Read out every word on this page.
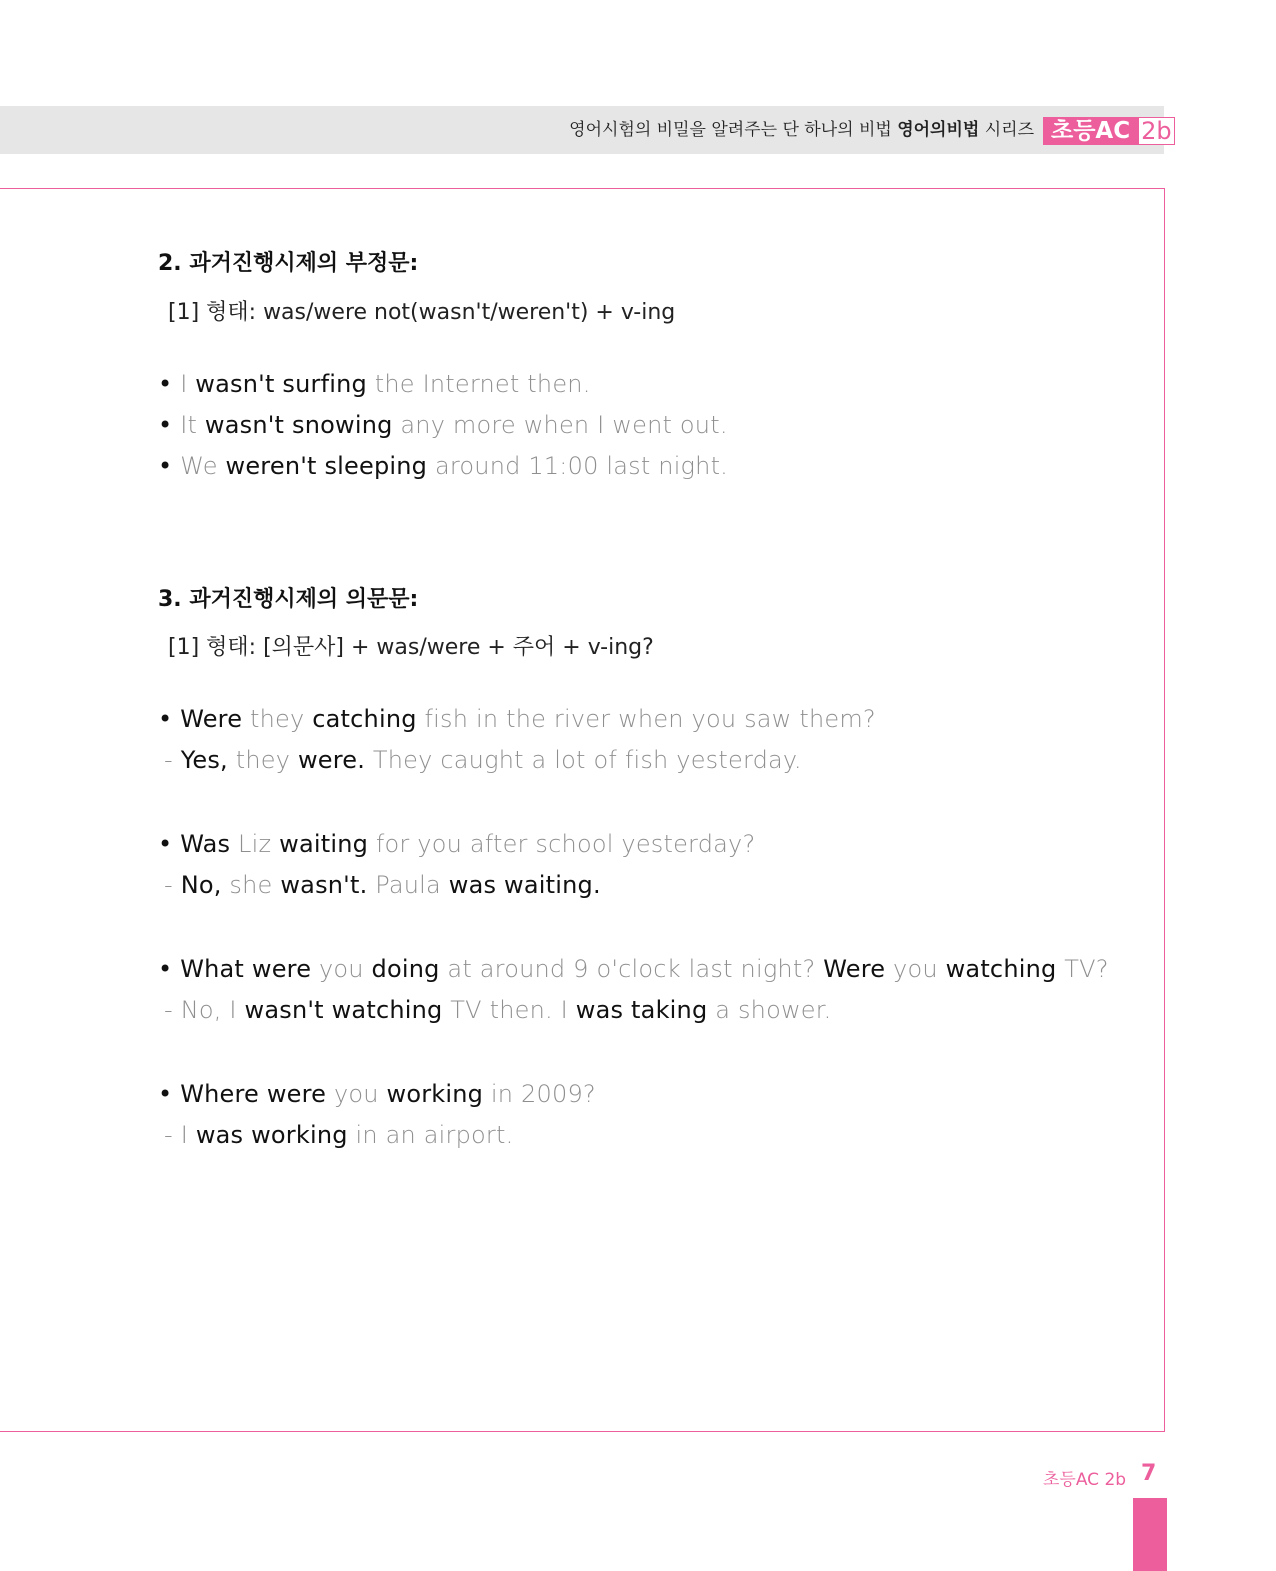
영어시험의 비밀을 알려주는 단 하나의 비법 영어의비법 시리즈 초등AC 2b
2. 과거진행시제의 부정문:
[1] 형태: was/were not(wasn't/weren't) + v-ing
• I wasn't surfing the Internet then.
• It wasn't snowing any more when I went out.
• We weren't sleeping around 11:00 last night.
3. 과거진행시제의 의문문:
[1] 형태: [의문사] + was/were + 주어 + v-ing?
• Were they catching fish in the river when you saw them?
- Yes, they were. They caught a lot of fish yesterday.
• Was Liz waiting for you after school yesterday?
- No, she wasn't. Paula was waiting.
• What were you doing at around 9 o'clock last night? Were you watching TV?
- No, I wasn't watching TV then. I was taking a shower.
• Where were you working in 2009?
- I was working in an airport.
초등AC 2b 7
